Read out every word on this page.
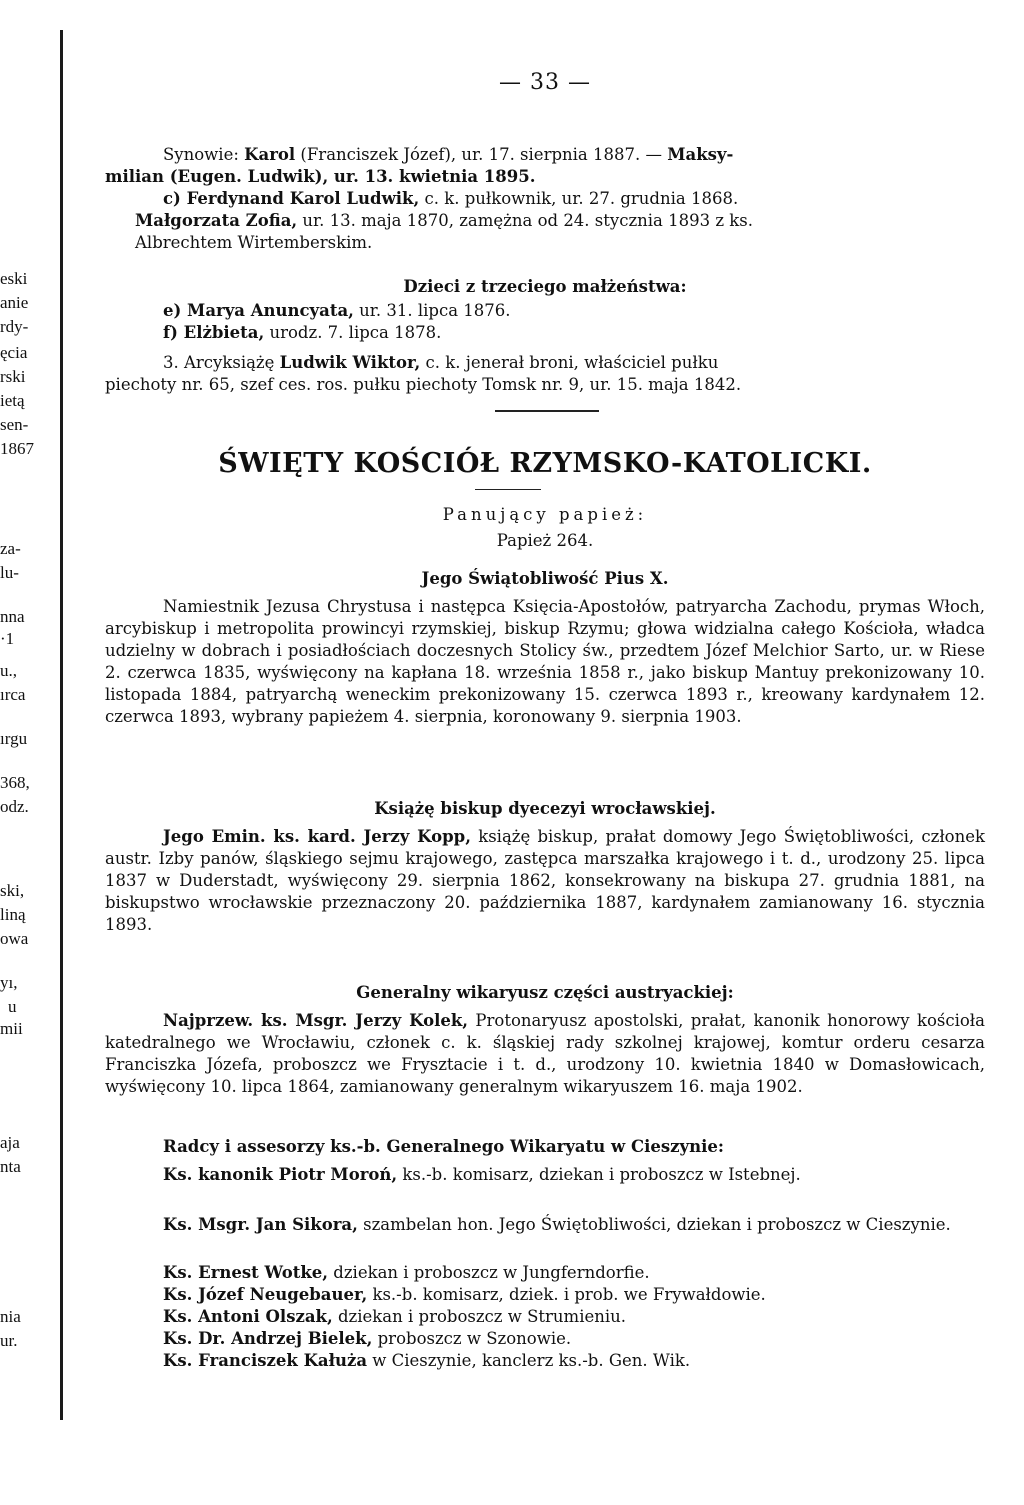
eski
anie
rdy-
ęcia
rski
ietą
sen-
1867
za-
lu-
nna
·1
u.,
ırca
ırgu
368,
odz.
ski,
liną
owa
yı,
u
mii
aja
nta
nia
ur.
— 33 —

Synowie: Karol (Franciszek Józef), ur. 17. sierpnia 1887. — Maksy-
milian (Eugen. Ludwik), ur. 13. kwietnia 1895.

c) Ferdynand Karol Ludwik, c. k. pułkownik, ur. 27. grudnia 1868.

Małgorzata Zofia, ur. 13. maja 1870, zamężna od 24. stycznia 1893 z ks.
Albrechtem Wirtemberskim.

Dzieci z trzeciego małżeństwa:

e) Marya Anuncyata, ur. 31. lipca 1876.

f) Elżbieta, urodz. 7. lipca 1878.

3. Arcyksiążę Ludwik Wiktor, c. k. jenerał broni, właściciel pułku
piechoty nr. 65, szef ces. ros. pułku piechoty Tomsk nr. 9, ur. 15. maja 1842.

ŚWIĘTY KOŚCIÓŁ RZYMSKO-KATOLICKI.

Panujący papież:

Papież 264.

Jego Świątobliwość Pius X.

Namiestnik Jezusa Chrystusa i następca Księcia-Apostołów, patryarcha Zachodu, prymas Włoch, arcybiskup i metropolita prowincyi rzymskiej, biskup Rzymu; głowa widzialna całego Kościoła, władca udzielny w dobrach i posiadłościach doczesnych Stolicy św., przedtem Józef Melchior Sarto, ur. w Riese 2. czerwca 1835, wyświęcony na kapłana 18. września 1858 r., jako biskup Mantuy prekonizowany 10. listopada 1884, patryarchą weneckim prekonizowany 15. czerwca 1893 r., kreowany kardynałem 12. czerwca 1893, wybrany papieżem 4. sierpnia, koronowany 9. sierpnia 1903.

Książę biskup dyecezyi wrocławskiej.

Jego Emin. ks. kard. Jerzy Kopp, książę biskup, prałat domowy Jego Świętobliwości, członek austr. Izby panów, śląskiego sejmu krajowego, zastępca marszałka krajowego i t. d., urodzony 25. lipca 1837 w Duderstadt, wyświęcony 29. sierpnia 1862, konsekrowany na biskupa 27. grudnia 1881, na biskupstwo wrocławskie przeznaczony 20. października 1887, kardynałem zamianowany 16. stycznia 1893.

Generalny wikaryusz części austryackiej:

Najprzew. ks. Msgr. Jerzy Kolek, Protonaryusz apostolski, prałat, kanonik honorowy kościoła katedralnego we Wrocławiu, członek c. k. śląskiej rady szkolnej krajowej, komtur orderu cesarza Franciszka Józefa, proboszcz we Frysztacie i t. d., urodzony 10. kwietnia 1840 w Domasłowicach, wyświęcony 10. lipca 1864, zamianowany generalnym wikaryuszem 16. maja 1902.

Radcy i assesorzy ks.-b. Generalnego Wikaryatu w Cieszynie:

Ks. kanonik Piotr Moroń, ks.-b. komisarz, dziekan i proboszcz w Istebnej.

Ks. Msgr. Jan Sikora, szambelan hon. Jego Świętobliwości, dziekan i proboszcz w Cieszynie.

Ks. Ernest Wotke, dziekan i proboszcz w Jungferndorfie.

Ks. Józef Neugebauer, ks.-b. komisarz, dziek. i prob. we Frywałdowie.

Ks. Antoni Olszak, dziekan i proboszcz w Strumieniu.

Ks. Dr. Andrzej Bielek, proboszcz w Szonowie.

Ks. Franciszek Kałuża w Cieszynie, kanclerz ks.-b. Gen. Wik.
